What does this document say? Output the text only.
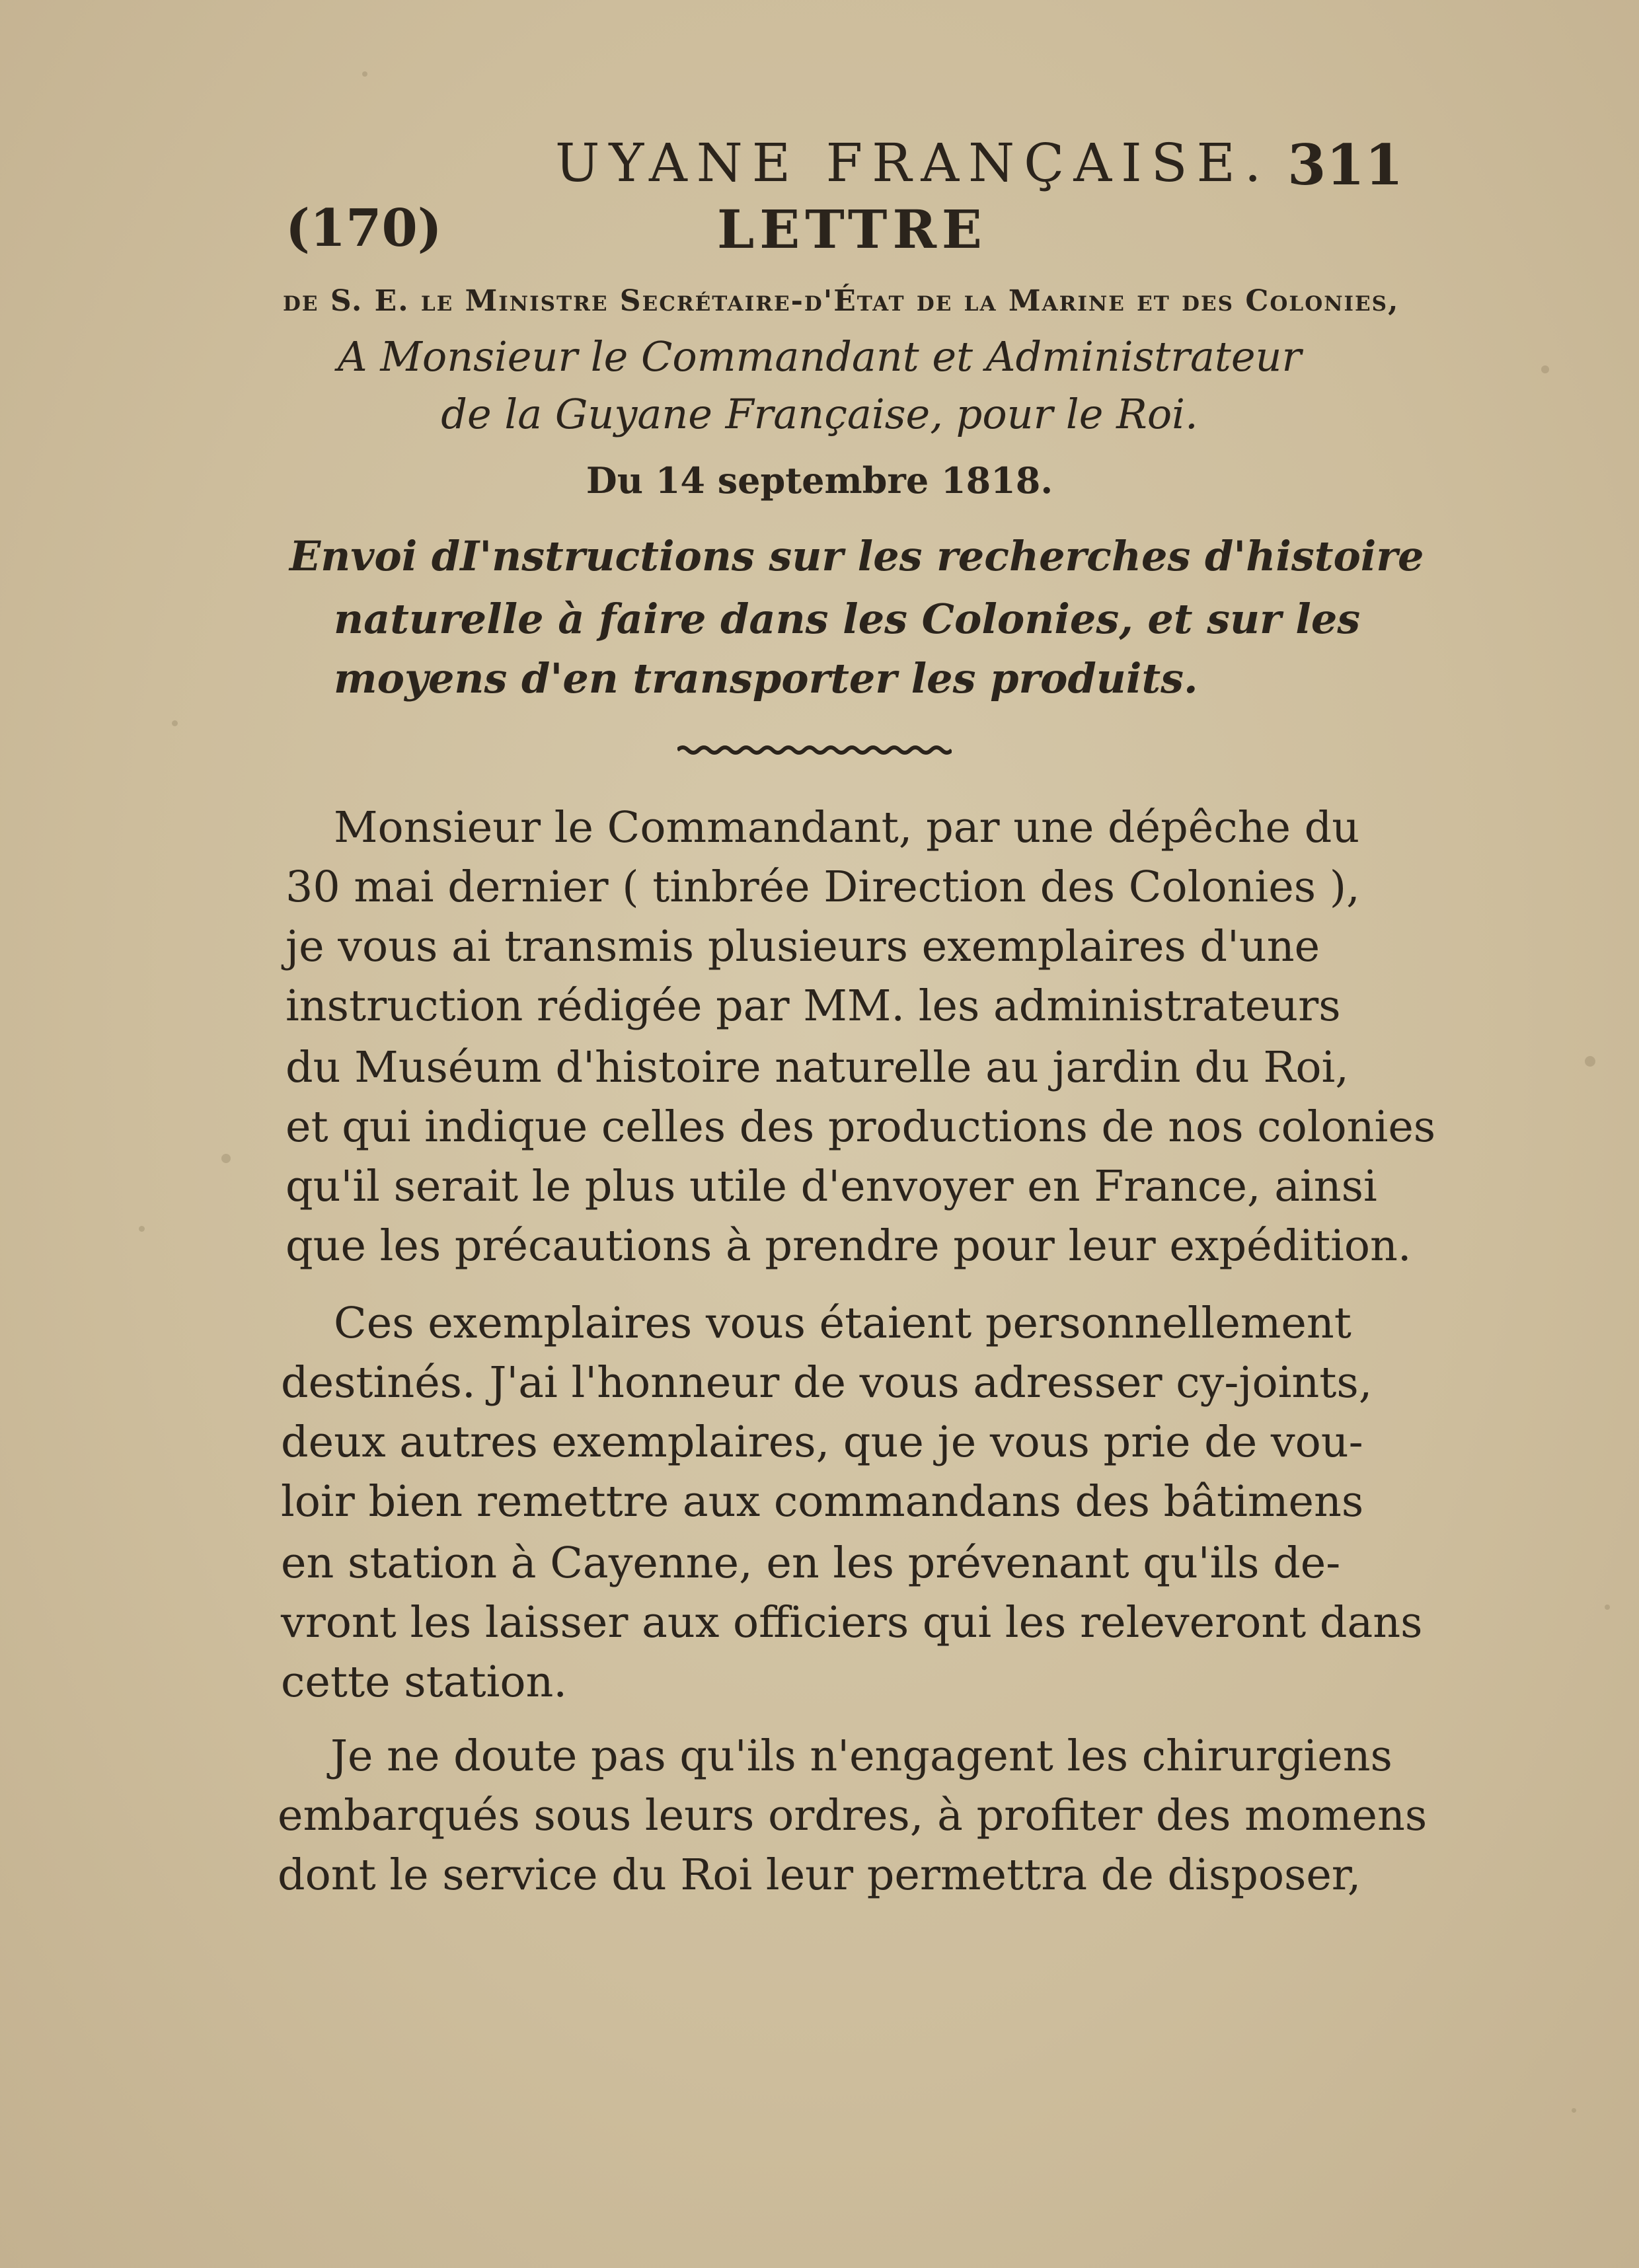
UYANE FRANÇAISE. 311
(170)	LETTRE
de S. E. le Ministre Secrétaire-d'État de la Marine et des Colonies,
A Monsieur le Commandant et Administrateur
de la Guyane Française, pour le Roi.
Du 14 septembre 1818.
Envoi dI'nstructions sur les recherches d'histoire
naturelle à faire dans les Colonies, et sur les
moyens d'en transporter les produits.
Monsieur le Commandant, par une dépêche du
30 mai dernier ( tinbrée Direction des Colonies ),
je vous ai transmis plusieurs exemplaires d'une
instruction rédigée par MM. les administrateurs
du Muséum d'histoire naturelle au jardin du Roi,
et qui indique celles des productions de nos colonies
qu'il serait le plus utile d'envoyer en France, ainsi
que les précautions à prendre pour leur expédition.
Ces exemplaires vous étaient personnellement
destinés. J'ai l'honneur de vous adresser cy-joints,
deux autres exemplaires, que je vous prie de vou-
loir bien remettre aux commandans des bâtimens
en station à Cayenne, en les prévenant qu'ils de-
vront les laisser aux officiers qui les releveront dans
cette station.
Je ne doute pas qu'ils n'engagent les chirurgiens
embarqués sous leurs ordres, à profiter des momens
dont le service du Roi leur permettra de disposer,
